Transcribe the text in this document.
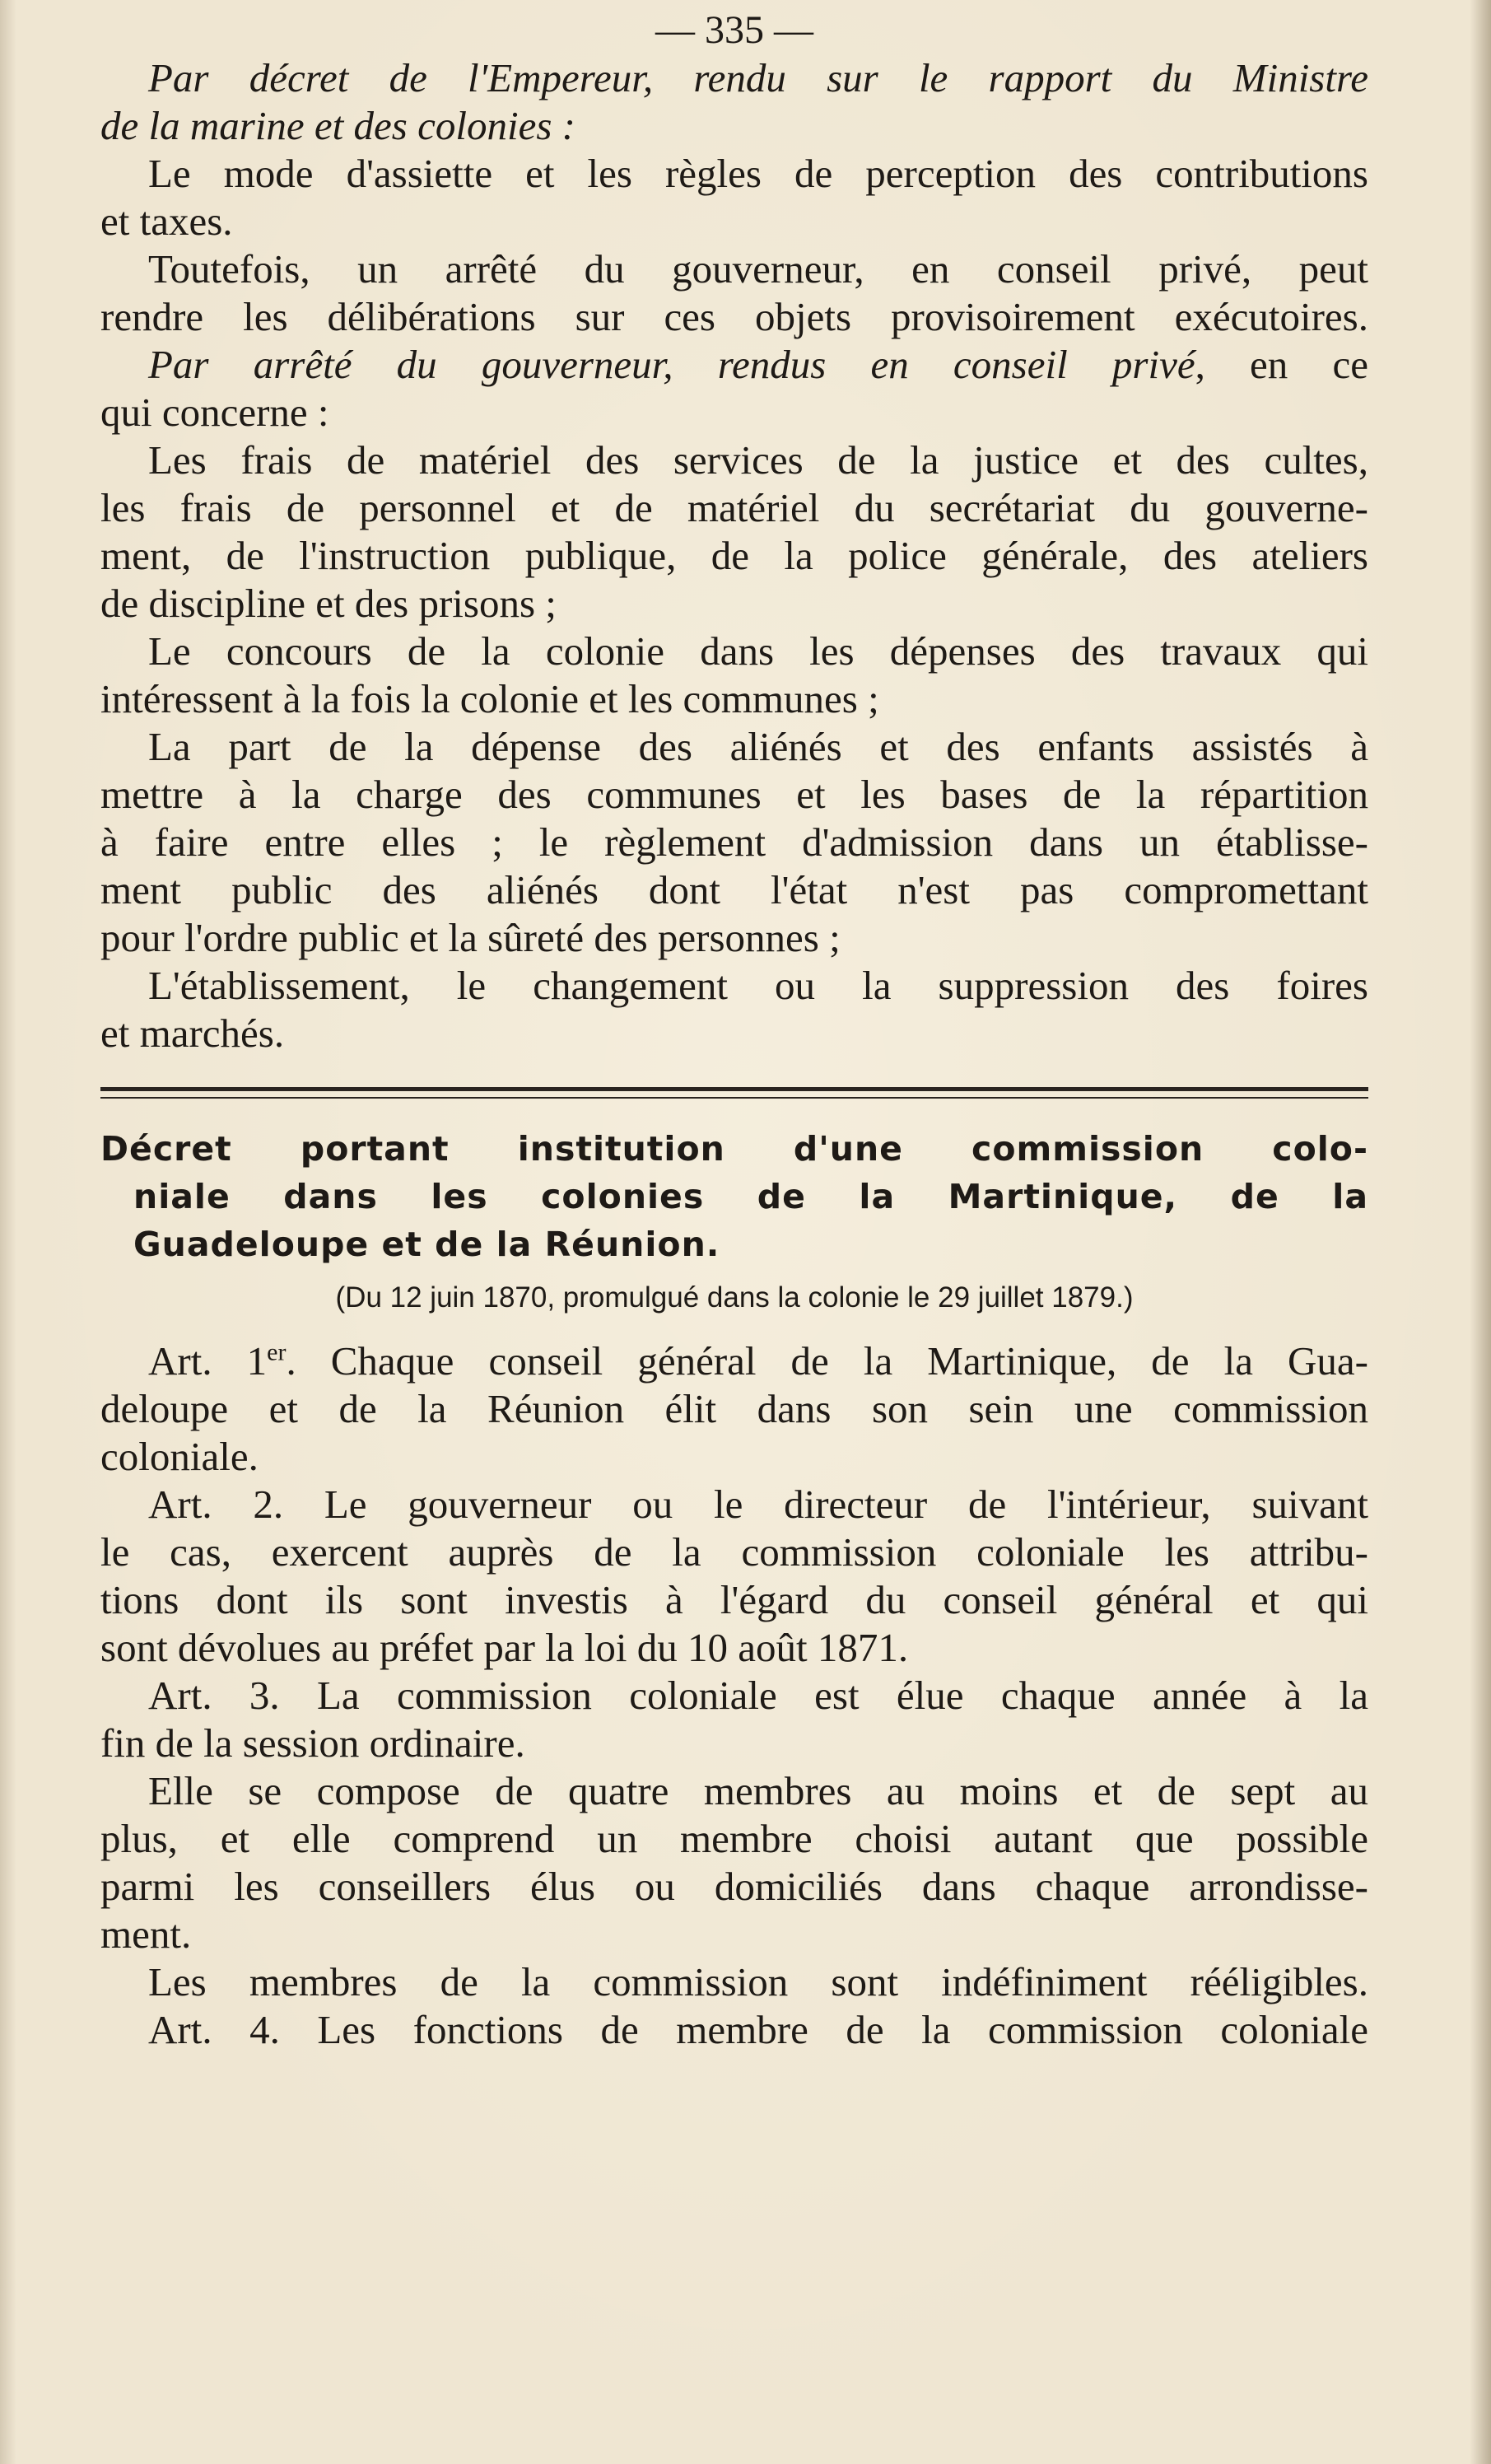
— 335 —
Par décret de l'Empereur, rendu sur le rapport du Ministre
de la marine et des colonies :
Le mode d'assiette et les règles de perception des contributions
et taxes.
Toutefois, un arrêté du gouverneur, en conseil privé, peut
rendre les délibérations sur ces objets provisoirement exécutoires.
Par arrêté du gouverneur, rendus en conseil privé, en ce
qui concerne :
Les frais de matériel des services de la justice et des cultes,
les frais de personnel et de matériel du secrétariat du gouverne-
ment, de l'instruction publique, de la police générale, des ateliers
de discipline et des prisons ;
Le concours de la colonie dans les dépenses des travaux qui
intéressent à la fois la colonie et les communes ;
La part de la dépense des aliénés et des enfants assistés à
mettre à la charge des communes et les bases de la répartition
à faire entre elles ; le règlement d'admission dans un établisse-
ment public des aliénés dont l'état n'est pas compromettant
pour l'ordre public et la sûreté des personnes ;
L'établissement, le changement ou la suppression des foires
et marchés.
Décret portant institution d'une commission colo-
niale dans les colonies de la Martinique, de la
Guadeloupe et de la Réunion.
(Du 12 juin 1870, promulgué dans la colonie le 29 juillet 1879.)
Art. 1er. Chaque conseil général de la Martinique, de la Gua-
deloupe et de la Réunion élit dans son sein une commission
coloniale.
Art. 2. Le gouverneur ou le directeur de l'intérieur, suivant
le cas, exercent auprès de la commission coloniale les attribu-
tions dont ils sont investis à l'égard du conseil général et qui
sont dévolues au préfet par la loi du 10 août 1871.
Art. 3. La commission coloniale est élue chaque année à la
fin de la session ordinaire.
Elle se compose de quatre membres au moins et de sept au
plus, et elle comprend un membre choisi autant que possible
parmi les conseillers élus ou domiciliés dans chaque arrondisse-
ment.
Les membres de la commission sont indéfiniment rééligibles.
Art. 4. Les fonctions de membre de la commission coloniale
